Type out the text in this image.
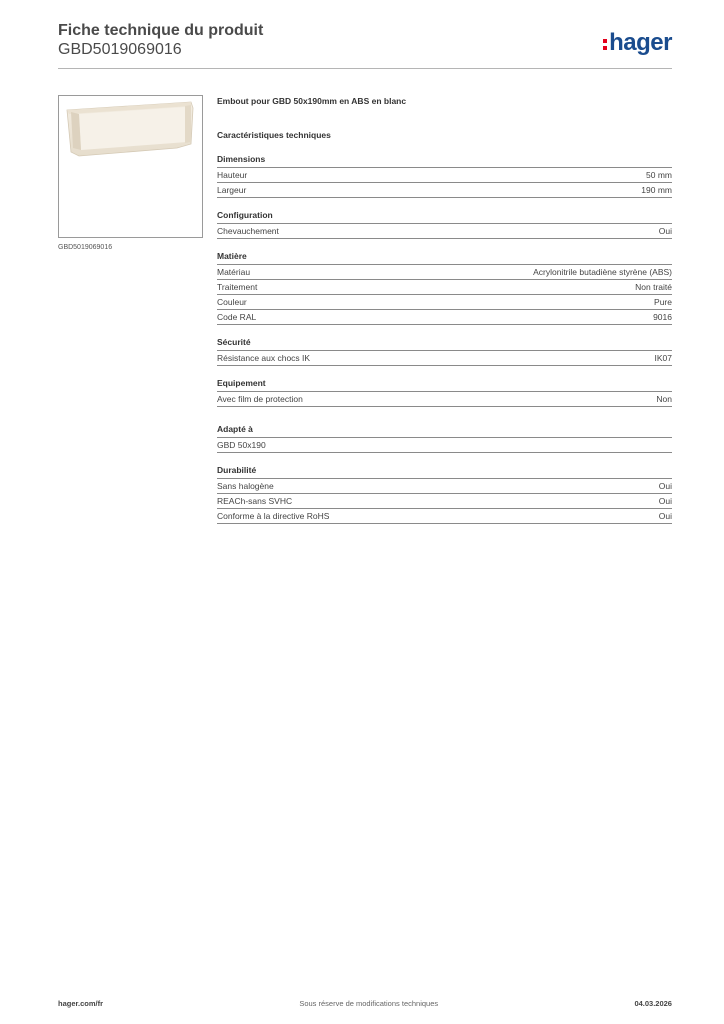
Fiche technique du produit
GBD5019069016	hager
GBD5019069016
Embout pour GBD 50x190mm en ABS en blanc
Caractéristiques techniques
Dimensions
Hauteur	50 mm
Largeur	190 mm
Configuration
Chevauchement	Oui
Matière
Matériau	Acrylonitrile butadiène styrène (ABS)
Traitement	Non traité
Couleur	Pure
Code RAL	9016
Sécurité
Résistance aux chocs IK	IK07
Equipement
Avec film de protection	Non
Adapté à
GBD 50x190
Durabilité
Sans halogène	Oui
REACh-sans SVHC	Oui
Conforme à la directive RoHS	Oui
hager.com/fr	Sous réserve de modifications techniques	04.03.2026
